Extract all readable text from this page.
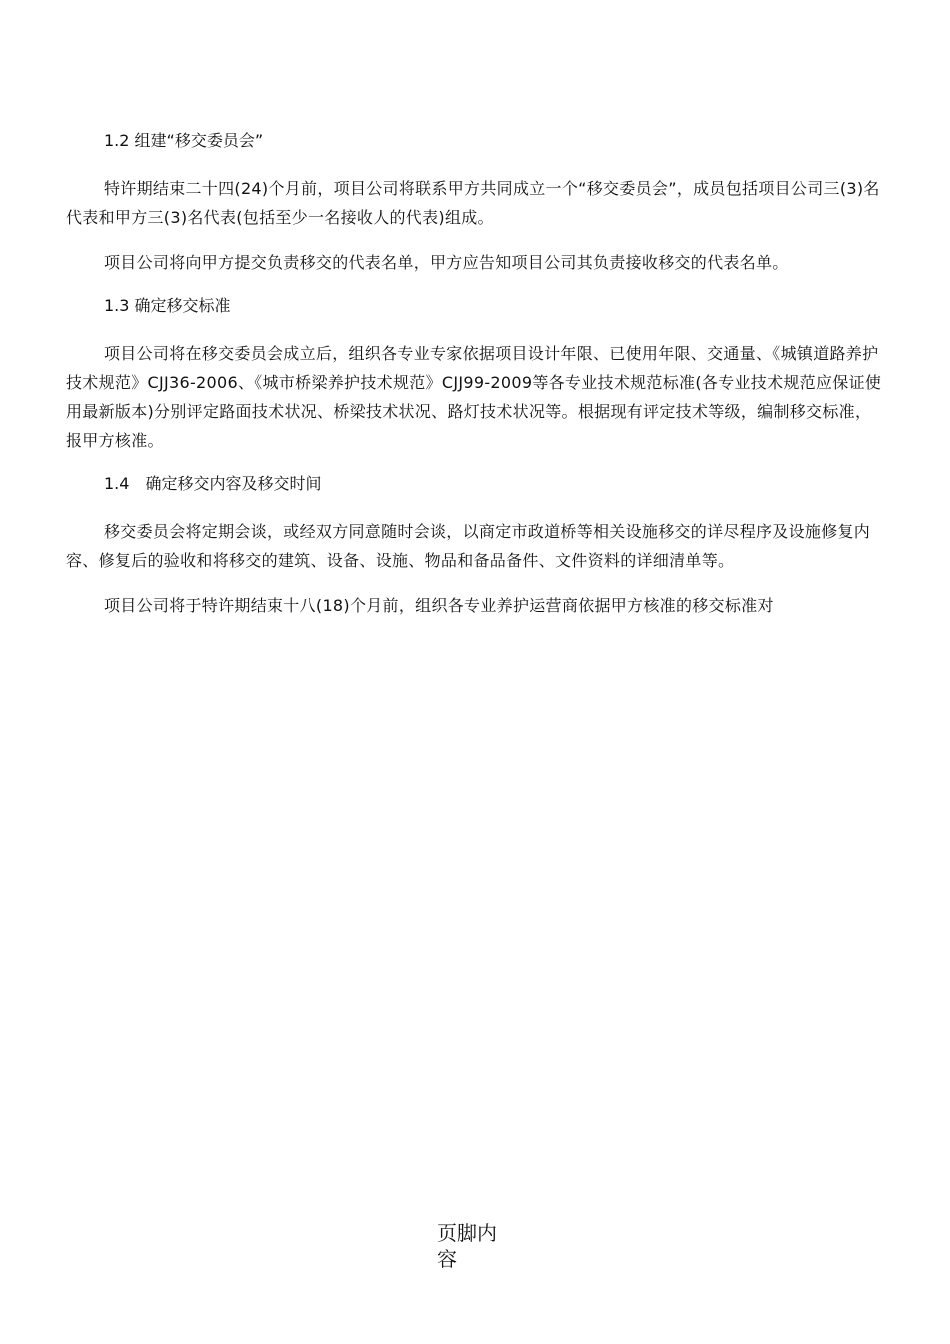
1.2 组建“移交委员会”

特许期结束二十四(24)个月前，项目公司将联系甲方共同成立一个“移交委员会”，成员包括项目公司三(3)名代表和甲方三(3)名代表(包括至少一名接收人的代表)组成。

项目公司将向甲方提交负责移交的代表名单，甲方应告知项目公司其负责接收移交的代表名单。

1.3 确定移交标准

项目公司将在移交委员会成立后，组织各专业专家依据项目设计年限、已使用年限、交通量、《城镇道路养护技术规范》CJJ36-2006、《城市桥梁养护技术规范》CJJ99-2009等各专业技术规范标准(各专业技术规范应保证使用最新版本)分别评定路面技术状况、桥梁技术状况、路灯技术状况等。根据现有评定技术等级，编制移交标准，报甲方核准。

1.4　确定移交内容及移交时间

移交委员会将定期会谈，或经双方同意随时会谈，以商定市政道桥等相关设施移交的详尽程序及设施修复内容、修复后的验收和将移交的建筑、设备、设施、物品和备品备件、文件资料的详细清单等。

项目公司将于特许期结束十八(18)个月前，组织各专业养护运营商依据甲方核准的移交标准对

页脚内容
